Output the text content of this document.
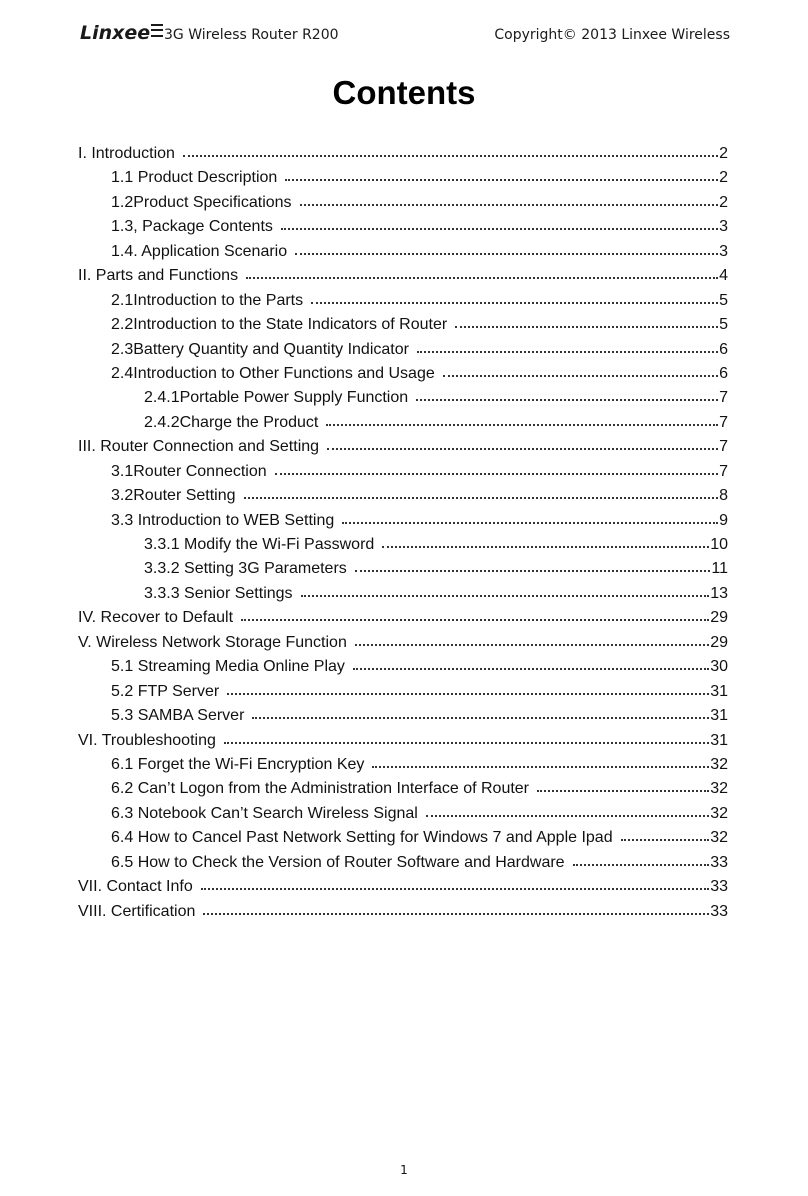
Linxee 3G Wireless Router R200	Copyright© 2013 Linxee Wireless
Contents
I. Introduction	2
1.1 Product Description	2
1.2Product Specifications	2
1.3, Package Contents	3
1.4. Application Scenario	3
II. Parts and Functions	4
2.1Introduction to the Parts	5
2.2Introduction to the State Indicators of Router	5
2.3Battery Quantity and Quantity Indicator	6
2.4Introduction to Other Functions and Usage	6
2.4.1Portable Power Supply Function	7
2.4.2Charge the Product	7
III. Router Connection and Setting	7
3.1Router Connection	7
3.2Router Setting	8
3.3 Introduction to WEB Setting	9
3.3.1 Modify the Wi-Fi Password	10
3.3.2 Setting 3G Parameters	11
3.3.3 Senior Settings	13
IV. Recover to Default	29
V. Wireless Network Storage Function	29
5.1 Streaming Media Online Play	30
5.2 FTP Server	31
5.3 SAMBA Server	31
VI. Troubleshooting	31
6.1 Forget the Wi-Fi Encryption Key	32
6.2 Can’t Logon from the Administration Interface of Router	32
6.3 Notebook Can’t Search Wireless Signal	32
6.4 How to Cancel Past Network Setting for Windows 7 and Apple Ipad	32
6.5 How to Check the Version of Router Software and Hardware	33
VII. Contact Info	33
VIII. Certification	33
1
